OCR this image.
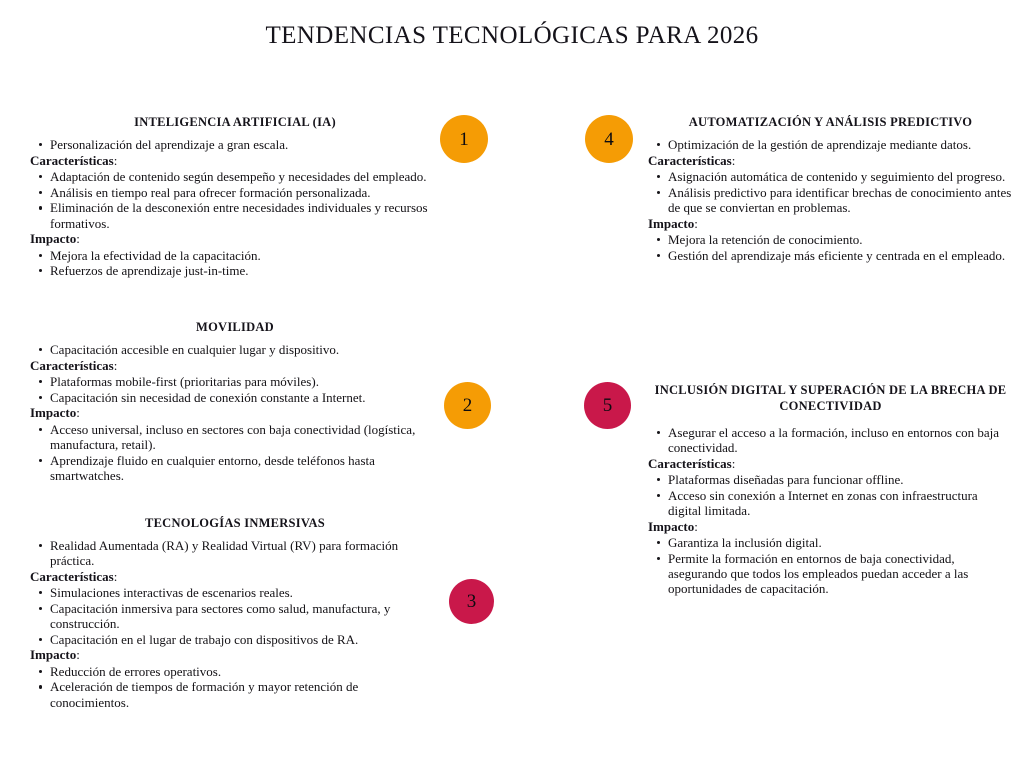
TENDENCIAS TECNOLÓGICAS PARA 2026
INTELIGENCIA ARTIFICIAL (IA)
Personalización del aprendizaje a gran escala.

Características:

Adaptación de contenido según desempeño y necesidades del empleado.
Análisis en tiempo real para ofrecer formación personalizada.
Eliminación de la desconexión entre necesidades individuales y recursos formativos.

Impacto:

Mejora la efectividad de la capacitación.
Refuerzos de aprendizaje just-in-time.
MOVILIDAD
Capacitación accesible en cualquier lugar y dispositivo.

Características:

Plataformas mobile-first (prioritarias para móviles).
Capacitación sin necesidad de conexión constante a Internet.

Impacto:

Acceso universal, incluso en sectores con baja conectividad (logística, manufactura, retail).
Aprendizaje fluido en cualquier entorno, desde teléfonos hasta smartwatches.
TECNOLOGÍAS INMERSIVAS
Realidad Aumentada (RA) y Realidad Virtual (RV) para formación práctica.

Características:

Simulaciones interactivas de escenarios reales.
Capacitación inmersiva para sectores como salud, manufactura, y construcción.
Capacitación en el lugar de trabajo con dispositivos de RA.

Impacto:

Reducción de errores operativos.
Aceleración de tiempos de formación y mayor retención de conocimientos.
AUTOMATIZACIÓN Y ANÁLISIS PREDICTIVO
Optimización de la gestión de aprendizaje mediante datos.

Características:

Asignación automática de contenido y seguimiento del progreso.
Análisis predictivo para identificar brechas de conocimiento antes de que se conviertan en problemas.

Impacto:

Mejora la retención de conocimiento.
Gestión del aprendizaje más eficiente y centrada en el empleado.
INCLUSIÓN DIGITAL Y SUPERACIÓN DE LA BRECHA DE CONECTIVIDAD
Asegurar el acceso a la formación, incluso en entornos con baja conectividad.

Características:

Plataformas diseñadas para funcionar offline.
Acceso sin conexión a Internet en zonas con infraestructura digital limitada.

Impacto:

Garantiza la inclusión digital.
Permite la formación en entornos de baja conectividad, asegurando que todos los empleados puedan acceder a las oportunidades de capacitación.
1
2
3
4
5
